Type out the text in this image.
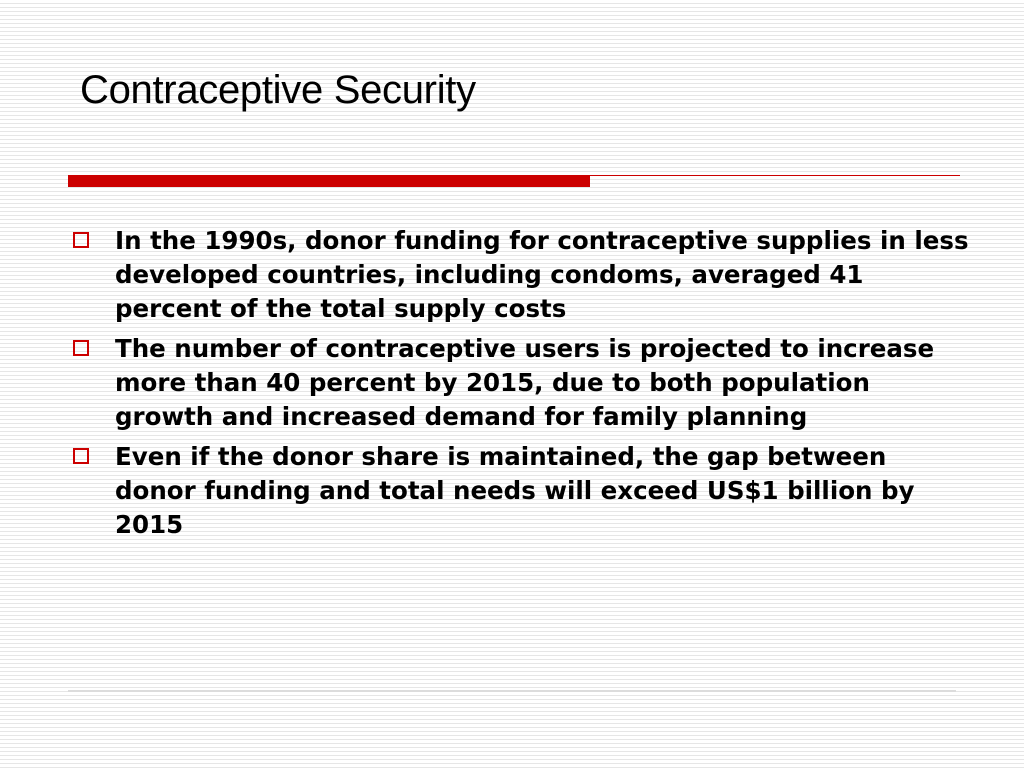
Contraceptive Security
In the 1990s, donor funding for contraceptive supplies in less developed countries, including condoms, averaged 41 percent of the total supply costs
The number of contraceptive users is projected to increase more than 40 percent by 2015, due to both population growth and increased demand for family planning
Even if the donor share is maintained, the gap between donor funding and total needs will exceed US$1 billion by 2015
